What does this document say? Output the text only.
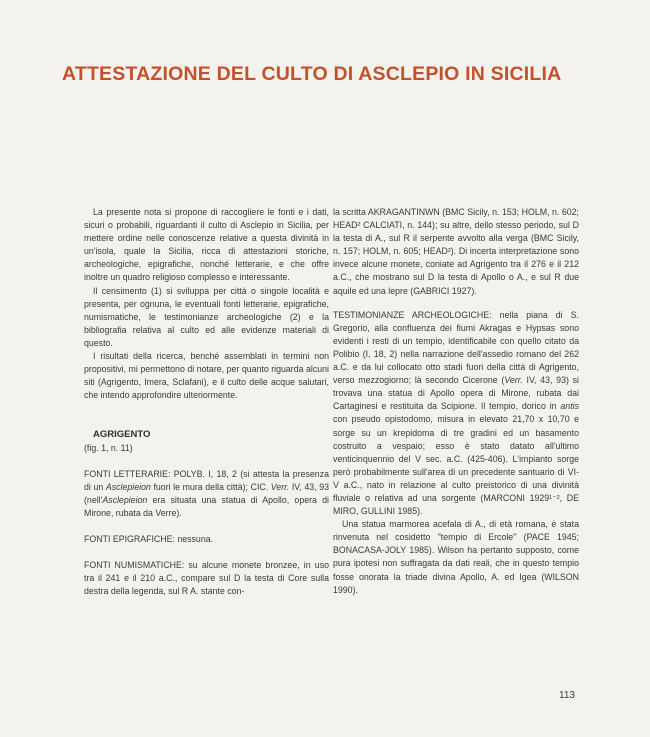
ATTESTAZIONE DEL CULTO DI ASCLEPIO IN SICILIA

La presente nota si propone di raccogliere le fonti e i dati, sicuri o probabili, riguardanti il culto di Asclepio in Sicilia, per mettere ordine nelle conoscenze relative a questa divinità in un'isola, quale la Sicilia, ricca di attestazioni storiche, archeologiche, epigrafiche, nonché letterarie, e che offre inoltre un quadro religioso complesso e interessante.

Il censimento (1) si sviluppa per città o singole località e presenta, per ognuna, le eventuali fonti letterarie, epigrafiche, numismatiche, le testimonianze archeologiche (2) e la bibliografia relativa al culto ed alle evidenze materiali di questo.

I risultati della ricerca, benché assemblati in termini non propositivi, mi permettono di notare, per quanto riguarda alcuni siti (Agrigento, Imera, Sclafani), e il culto delle acque salutari, che intendo approfondire ulteriormente.

AGRIGENTO

(fig. 1, n. 11)

FONTI LETTERARIE: POLYB. I, 18, 2 (si attesta la presenza di un Asclepieion fuori le mura della città); CIC. Verr. IV, 43, 93 (nell'Asclepieion era situata una statua di Apollo, opera di Mirone, rubata da Verre).

FONTI EPIGRAFICHE: nessuna.

FONTI NUMISMATICHE: su alcune monete bronzee, in uso tra il 241 e il 210 a.C., compare sul D la testa di Core sulla destra della legenda, sul R A. stante con-

la scritta AKRAGANTINWN (BMC Sicily, n. 153; HOLM, n. 602; HEAD² CALCIATI, n. 144); su altre, dello stesso periodo, sul D la testa di A., sul R il serpente avvolto alla verga (BMC Sicily, n. 157; HOLM, n. 605; HEAD²). Di incerta interpretazione sono invece alcune monete, coniate ad Agrigento tra il 276 e il 212 a.C., che mostrano sul D la testa di Apollo o A., e sul R due aquile ed una lepre (GABRICI 1927).

TESTIMONIANZE ARCHEOLOGICHE: nella piana di S. Gregorio, alla confluenza dei fiumi Akragas e Hypsas sono evidenti i resti di un tempio, identificabile con quello citato da Polibio (I, 18, 2) nella narrazione dell'assedio romano del 262 a.C. e da lui collocato otto stadi fuori della città di Agrigento, verso mezzogiorno; là secondo Cicerone (Verr. IV, 43, 93) si trovava una statua di Apollo opera di Mirone, rubata dai Cartaginesi e restituita da Scipione. Il tempio, dorico in antis con pseudo opistodomo, misura in elevato 21,70 x 10,70 e sorge su un krepidoma di tre gradini ed un basamento costruito a vespaio; esso è stato datato all'ultimo venticinquennio del V sec. a.C. (425-406). L'impianto sorge però probabilmente sull'area di un precedente santuario di VI-V a.C., nato in relazione al culto preistorico di una divinità fluviale o relativa ad una sorgente (MARCONI 1929¹⁻², DE MIRO, GULLINI 1985).

Una statua marmorea acefala di A., di età romana, è stata rinvenuta nel cosidetto ''tempio di Ercole'' (PACE 1945; BONACASA-JOLY 1985). Wilson ha pertanto supposto, come pura ipotesi non suffragata da dati reali, che in questo tempio fosse onorata la triade divina Apollo, A. ed Igea (WILSON 1990).

113
